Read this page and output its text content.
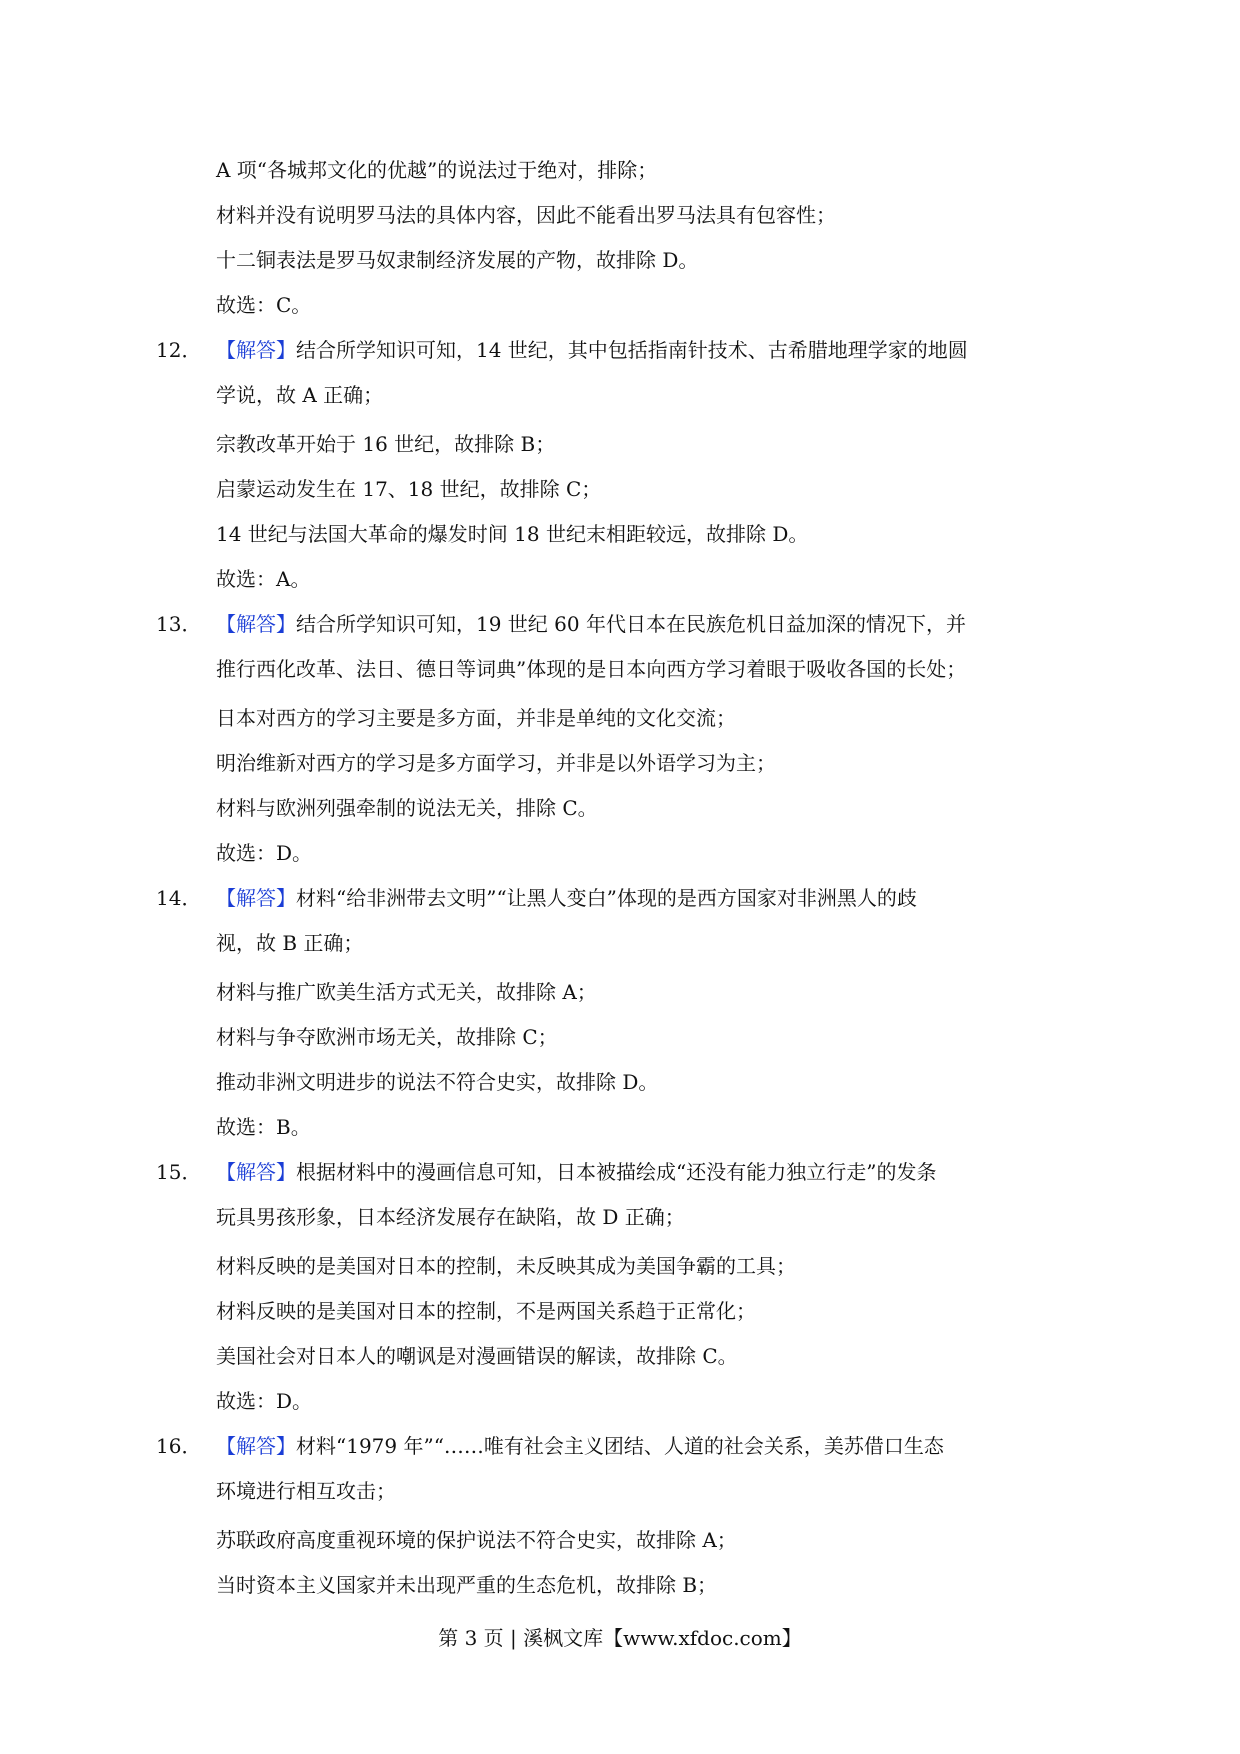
A 项“各城邦文化的优越”的说法过于绝对，排除；

材料并没有说明罗马法的具体内容，因此不能看出罗马法具有包容性；

十二铜表法是罗马奴隶制经济发展的产物，故排除 D。

故选：C。

12． 【解答】结合所学知识可知，14 世纪，其中包括指南针技术、古希腊地理学家的地圆

学说，故 A 正确；

宗教改革开始于 16 世纪，故排除 B；

启蒙运动发生在 17、18 世纪，故排除 C；

14 世纪与法国大革命的爆发时间 18 世纪末相距较远，故排除 D。

故选：A。

13． 【解答】结合所学知识可知，19 世纪 60 年代日本在民族危机日益加深的情况下，并

推行西化改革、法日、德日等词典”体现的是日本向西方学习着眼于吸收各国的长处；

日本对西方的学习主要是多方面，并非是单纯的文化交流；

明治维新对西方的学习是多方面学习，并非是以外语学习为主；

材料与欧洲列强牵制的说法无关，排除 C。

故选：D。

14． 【解答】材料“给非洲带去文明”“让黑人变白”体现的是西方国家对非洲黑人的歧

视，故 B 正确；

材料与推广欧美生活方式无关，故排除 A；

材料与争夺欧洲市场无关，故排除 C；

推动非洲文明进步的说法不符合史实，故排除 D。

故选：B。

15． 【解答】根据材料中的漫画信息可知，日本被描绘成“还没有能力独立行走”的发条

玩具男孩形象，日本经济发展存在缺陷，故 D 正确；

材料反映的是美国对日本的控制，未反映其成为美国争霸的工具；

材料反映的是美国对日本的控制，不是两国关系趋于正常化；

美国社会对日本人的嘲讽是对漫画错误的解读，故排除 C。

故选：D。

16． 【解答】材料“1979 年”“……唯有社会主义团结、人道的社会关系，美苏借口生态

环境进行相互攻击；

苏联政府高度重视环境的保护说法不符合史实，故排除 A；

当时资本主义国家并未出现严重的生态危机，故排除 B；

第 3 页 | 溪枫文库【www.xfdoc.com】
